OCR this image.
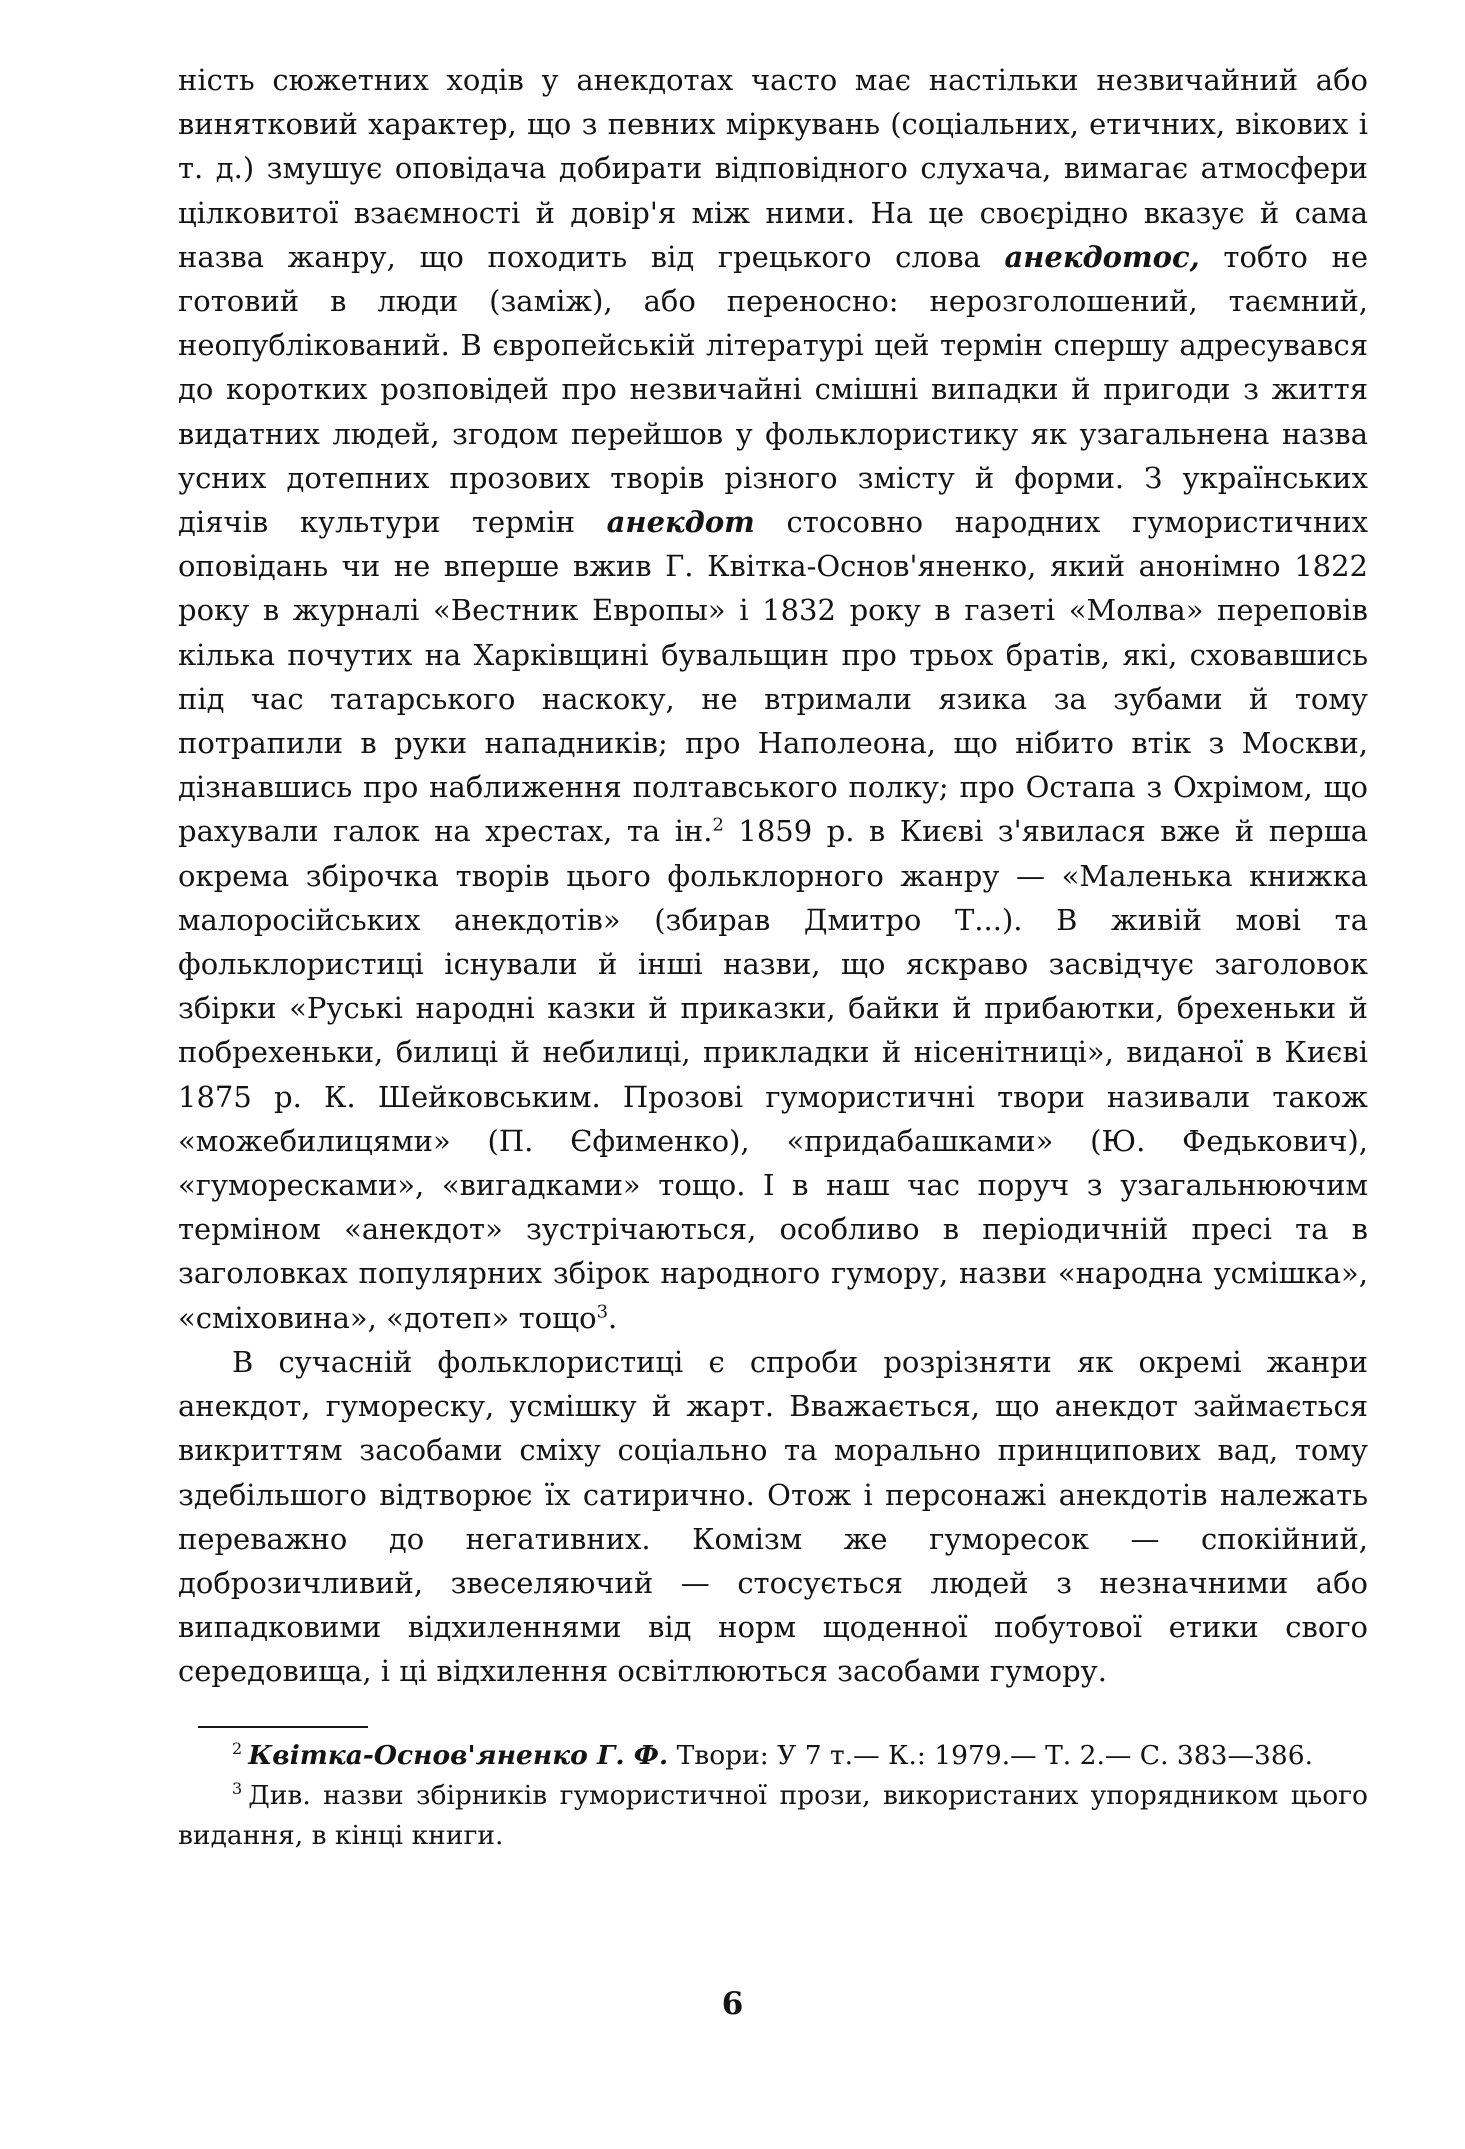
ність сюжетних ходів у анекдотах часто має настільки незвичайний або винятковий характер, що з певних міркувань (соціальних, етичних, вікових і т. д.) змушує оповідача добирати відповідного слухача, вимагає атмосфери цілковитої взаємності й довір'я між ними. На це своєрідно вказує й сама назва жанру, що походить від грецького слова анекдотос, тобто не готовий в люди (заміж), або переносно: нерозголошений, таємний, неопублікований. В європейській літературі цей термін спершу адресувався до коротких розповідей про незвичайні смішні випадки й пригоди з життя видатних людей, згодом перейшов у фольклористику як узагальнена назва усних дотепних прозових творів різного змісту й форми. З українських діячів культури термін анекдот стосовно народних гумористичних оповідань чи не вперше вжив Г. Квітка-Основ'яненко, який анонімно 1822 року в журналі «Вестник Европы» і 1832 року в газеті «Молва» переповів кілька почутих на Харківщині бувальщин про трьох братів, які, сховавшись під час татарського наскоку, не втримали язика за зубами й тому потрапили в руки нападників; про Наполеона, що нібито втік з Москви, дізнавшись про наближення полтавського полку; про Остапа з Охрімом, що рахували галок на хрестах, та ін.$^2$ 1859 р. в Києві з'явилася вже й перша окрема збірочка творів цього фольклорного жанру — «Маленька книжка малоросійських анекдотів» (збирав Дмитро Т...). В живій мові та фольклористиці існували й інші назви, що яскраво засвідчує заголовок збірки «Руські народні казки й приказки, байки й прибаютки, брехеньки й побрехеньки, билиці й небилиці, прикладки й нісенітниці», виданої в Києві 1875 р. К. Шейковським. Прозові гумористичні твори називали також «можебилицями» (П. Єфименко), «придабашками» (Ю. Федькович), «гуморесками», «вигадками» тощо. І в наш час поруч з узагальнюючим терміном «анекдот» зустрічаються, особливо в періодичній пресі та в заголовках популярних збірок народного гумору, назви «народна усмішка», «сміховина», «дотеп» тощо$^3$.

В сучасній фольклористиці є спроби розрізняти як окремі жанри анекдот, гумореску, усмішку й жарт. Вважається, що анекдот займається викриттям засобами сміху соціально та морально принципових вад, тому здебільшого відтворює їх сатирично. Отож і персонажі анекдотів належать переважно до негативних. Комізм же гуморесок — спокійний, доброзичливий, звеселяючий — стосується людей з незначними або випадковими відхиленнями від норм щоденної побутової етики свого середовища, і ці відхилення освітлюються засобами гумору.

$^2$ Квітка-Основ'яненко Г. Ф. Твори: У 7 т.— К.: 1979.— Т. 2.— С. 383—386.

$^3$ Див. назви збірників гумористичної прози, використаних упорядником цього видання, в кінці книги.

6
